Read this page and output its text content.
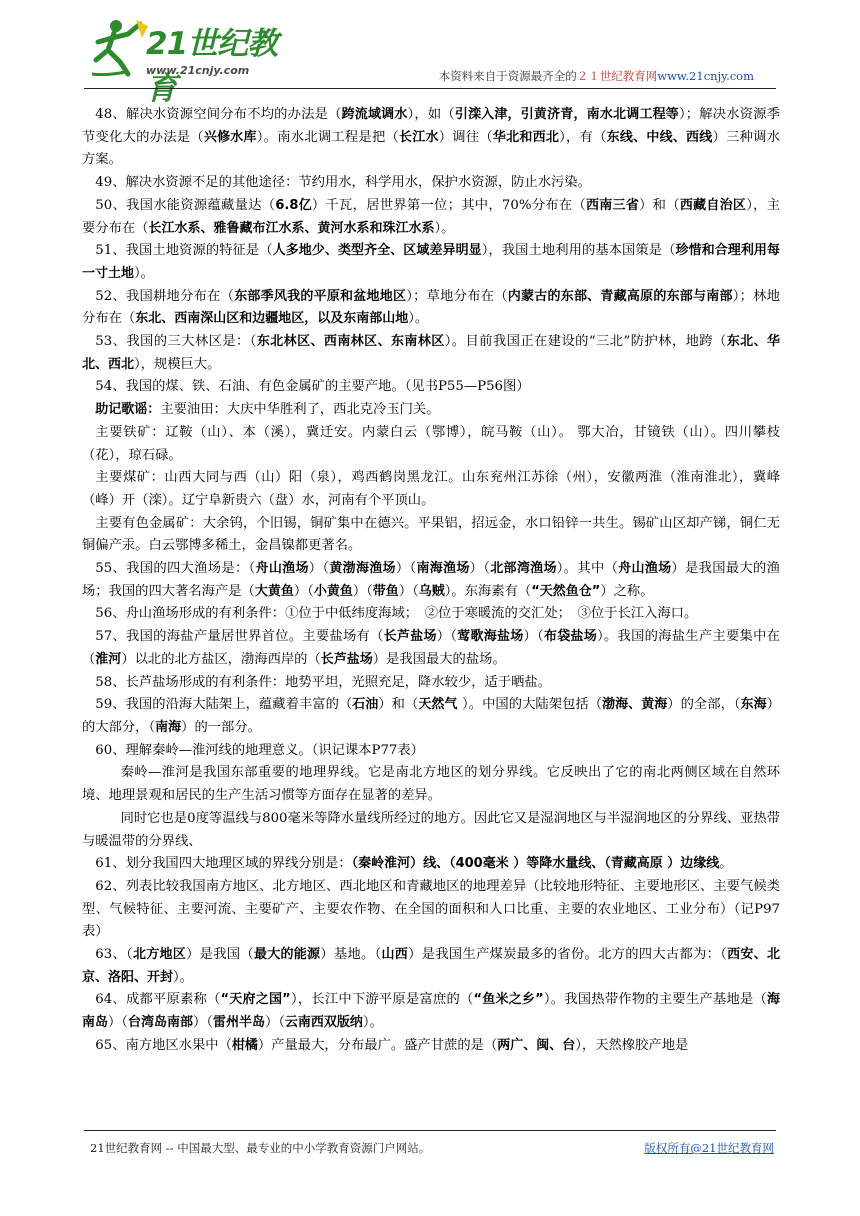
21世纪教育
www.21cnjy.com	本资料来自于资源最齐全的２１世纪教育网www.21cnjy.com

48、解决水资源空间分布不均的办法是（跨流域调水），如（引滦入津，引黄济青，南水北调工程等）；解决水资源季节变化大的办法是（兴修水库）。南水北调工程是把（长江水）调往（华北和西北），有（东线、中线、西线）三种调水方案。

49、解决水资源不足的其他途径：节约用水，科学用水，保护水资源，防止水污染。

50、我国水能资源蕴藏量达（6.8亿）千瓦，居世界第一位；其中，70%分布在（西南三省）和（西藏自治区），主要分布在（长江水系、雅鲁藏布江水系、黄河水系和珠江水系）。

51、我国土地资源的特征是（人多地少、类型齐全、区域差异明显），我国土地利用的基本国策是（珍惜和合理利用每一寸土地）。

52、我国耕地分布在（东部季风我的平原和盆地地区）；草地分布在（内蒙古的东部、青藏高原的东部与南部）；林地分布在（东北、西南深山区和边疆地区，以及东南部山地）。

53、我国的三大林区是：（东北林区、西南林区、东南林区）。目前我国正在建设的“三北”防护林，地跨（东北、华北、西北），规模巨大。

54、我国的煤、铁、石油、有色金属矿的主要产地。（见书P55—P56图）

助记歌谣：主要油田：大庆中华胜利了，西北克冷玉门关。

主要铁矿：辽鞍（山）、本（溪），冀迁安。内蒙白云（鄂博），皖马鞍（山）。 鄂大冶，甘镜铁（山）。四川攀枝（花），琼石碌。

主要煤矿：山西大同与西（山）阳（泉），鸡西鹤岗黑龙江。山东兖州江苏徐（州），安徽两淮（淮南淮北），冀峰（峰）开（滦）。辽宁阜新贵六（盘）水，河南有个平顶山。

主要有色金属矿：大余钨，个旧锡，铜矿集中在德兴。平果铝，招远金，水口铅锌一共生。锡矿山区却产锑，铜仁无铜偏产汞。白云鄂博多稀土，金昌镍都更著名。

55、我国的四大渔场是：（舟山渔场）（黄渤海渔场）（南海渔场）（北部湾渔场）。其中（舟山渔场）是我国最大的渔场；我国的四大著名海产是（大黄鱼）（小黄鱼）（带鱼）（乌贼）。东海素有（“天然鱼仓”）之称。

56、舟山渔场形成的有利条件：①位于中低纬度海域；　②位于寒暖流的交汇处；　③位于长江入海口。

57、我国的海盐产量居世界首位。主要盐场有（长芦盐场）（莺歌海盐场）（布袋盐场）。我国的海盐生产主要集中在（淮河）以北的北方盐区，渤海西岸的（长芦盐场）是我国最大的盐场。

58、长芦盐场形成的有利条件：地势平坦，光照充足，降水较少，适于晒盐。

59、我国的沿海大陆架上，蕴藏着丰富的（石油）和（天然气 ）。中国的大陆架包括（渤海、黄海）的全部，（东海）的大部分，（南海）的一部分。

60、理解秦岭—淮河线的地理意义。（识记课本P77表）

秦岭—淮河是我国东部重要的地理界线。它是南北方地区的划分界线。它反映出了它的南北两侧区域在自然环境、地理景观和居民的生产生活习惯等方面存在显著的差异。

同时它也是0度等温线与800毫米等降水量线所经过的地方。因此它又是湿润地区与半湿润地区的分界线、亚热带与暖温带的分界线、

61、划分我国四大地理区域的界线分别是：（秦岭淮河）线、（400毫米 ）等降水量线、（青藏高原 ）边缘线。

62、列表比较我国南方地区、北方地区、西北地区和青藏地区的地理差异（比较地形特征、主要地形区、主要气候类型、气候特征、主要河流、主要矿产、主要农作物、在全国的面积和人口比重、主要的农业地区、工业分布）（记P97表）

63、（北方地区）是我国（最大的能源）基地。（山西）是我国生产煤炭最多的省份。北方的四大古都为：（西安、北京、洛阳、开封）。

64、成都平原素称（“天府之国”），长江中下游平原是富庶的（“鱼米之乡”）。我国热带作物的主要生产基地是（海南岛）（台湾岛南部）（雷州半岛）（云南西双版纳）。

65、南方地区水果中（柑橘）产量最大，分布最广。盛产甘蔗的是（两广、闽、台），天然橡胶产地是

21世纪教育网 -- 中国最大型、最专业的中小学教育资源门户网站。	版权所有@21世纪教育网
